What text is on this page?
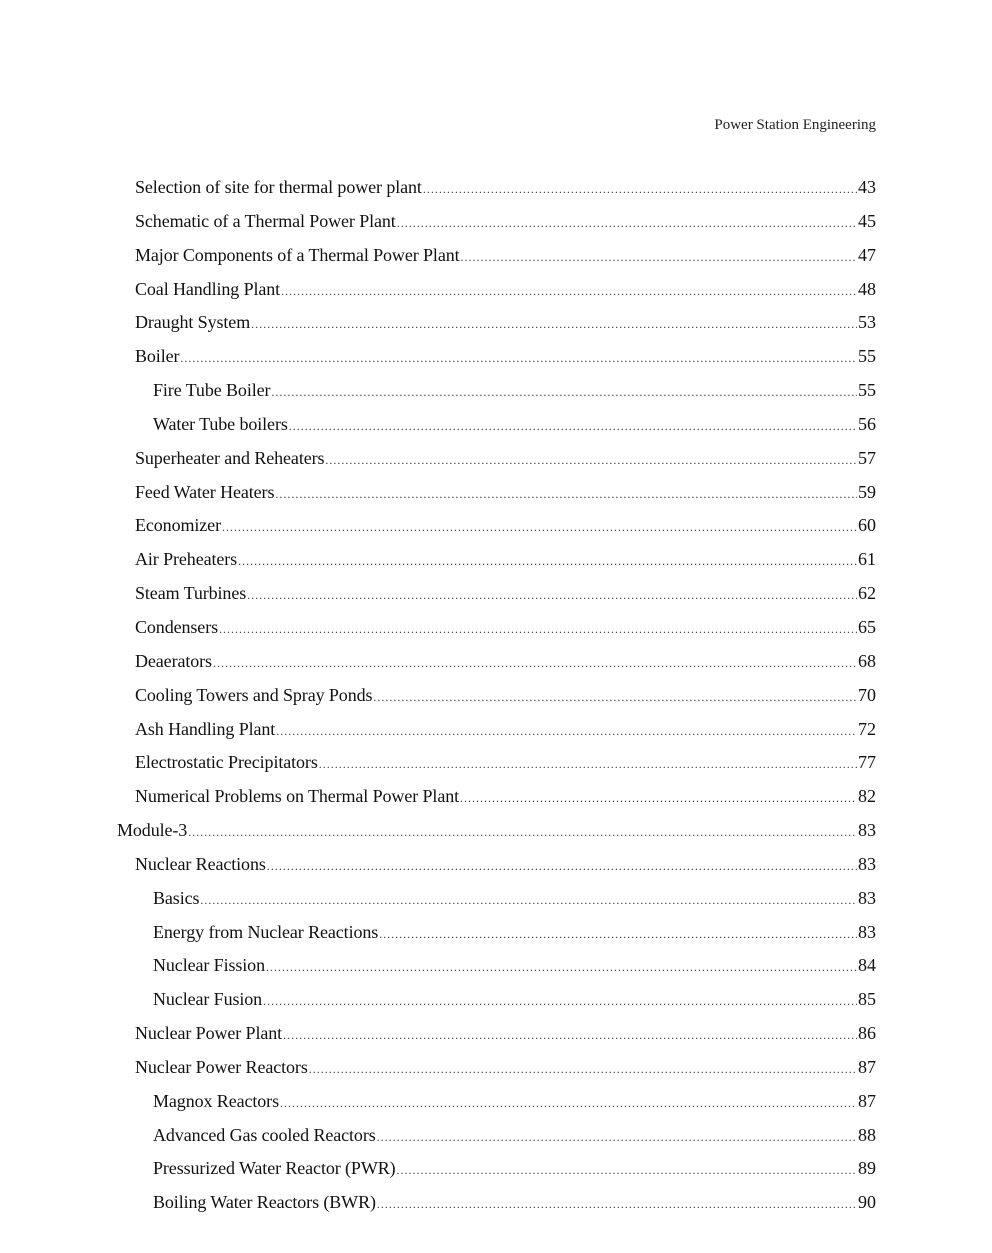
Power Station Engineering
Selection of site for thermal power plant .....	43
Schematic of a Thermal Power Plant .....	45
Major Components of a Thermal Power Plant .....	47
Coal Handling Plant .....	48
Draught System .....	53
Boiler .....	55
Fire Tube Boiler .....	55
Water Tube boilers .....	56
Superheater and Reheaters .....	57
Feed Water Heaters .....	59
Economizer .....	60
Air Preheaters .....	61
Steam Turbines .....	62
Condensers .....	65
Deaerators .....	68
Cooling Towers and Spray Ponds .....	70
Ash Handling Plant .....	72
Electrostatic Precipitators .....	77
Numerical Problems on Thermal Power Plant .....	82
Module-3 .....	83
Nuclear Reactions .....	83
Basics .....	83
Energy from Nuclear Reactions .....	83
Nuclear Fission .....	84
Nuclear Fusion .....	85
Nuclear Power Plant .....	86
Nuclear Power Reactors .....	87
Magnox Reactors .....	87
Advanced Gas cooled Reactors .....	88
Pressurized Water Reactor (PWR) .....	89
Boiling Water Reactors (BWR) .....	90
